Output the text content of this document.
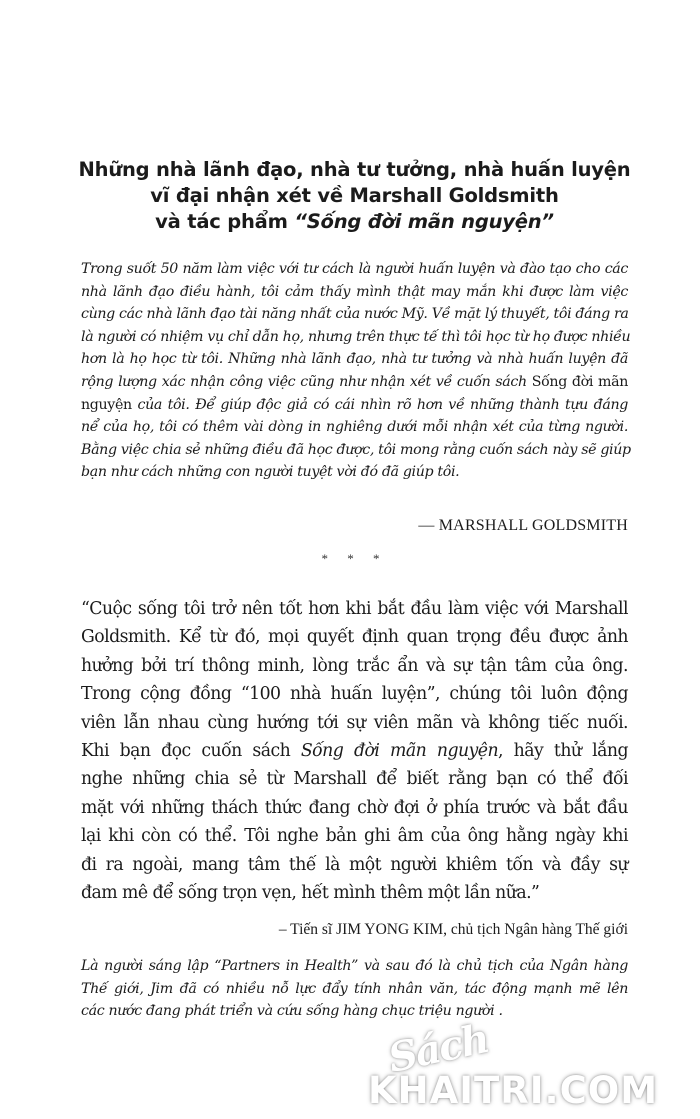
Những nhà lãnh đạo, nhà tư tưởng, nhà huấn luyện
vĩ đại nhận xét về Marshall Goldsmith
và tác phẩm “Sống đời mãn nguyện”
Trong suốt 50 năm làm việc với tư cách là người huấn luyện và đào tạo cho các
nhà lãnh đạo điều hành, tôi cảm thấy mình thật may mắn khi được làm việc
cùng các nhà lãnh đạo tài năng nhất của nước Mỹ. Về mặt lý thuyết, tôi đáng ra
là người có nhiệm vụ chỉ dẫn họ, nhưng trên thực tế thì tôi học từ họ được nhiều
hơn là họ học từ tôi. Những nhà lãnh đạo, nhà tư tưởng và nhà huấn luyện đã
rộng lượng xác nhận công việc cũng như nhận xét về cuốn sách Sống đời mãn
nguyện của tôi. Để giúp độc giả có cái nhìn rõ hơn về những thành tựu đáng
nể của họ, tôi có thêm vài dòng in nghiêng dưới mỗi nhận xét của từng người.
Bằng việc chia sẻ những điều đã học được, tôi mong rằng cuốn sách này sẽ giúp
bạn như cách những con người tuyệt vời đó đã giúp tôi.
— MARSHALL GOLDSMITH
* * *
“Cuộc sống tôi trở nên tốt hơn khi bắt đầu làm việc với Marshall
Goldsmith. Kể từ đó, mọi quyết định quan trọng đều được ảnh
hưởng bởi trí thông minh, lòng trắc ẩn và sự tận tâm của ông.
Trong cộng đồng “100 nhà huấn luyện”, chúng tôi luôn động
viên lẫn nhau cùng hướng tới sự viên mãn và không tiếc nuối.
Khi bạn đọc cuốn sách Sống đời mãn nguyện, hãy thử lắng
nghe những chia sẻ từ Marshall để biết rằng bạn có thể đối
mặt với những thách thức đang chờ đợi ở phía trước và bắt đầu
lại khi còn có thể. Tôi nghe bản ghi âm của ông hằng ngày khi
đi ra ngoài, mang tâm thế là một người khiêm tốn và đầy sự
đam mê để sống trọn vẹn, hết mình thêm một lần nữa.”
– Tiến sĩ JIM YONG KIM, chủ tịch Ngân hàng Thế giới
Là người sáng lập “Partners in Health” và sau đó là chủ tịch của Ngân hàng
Thế giới, Jim đã có nhiều nỗ lực đẩy tính nhân văn, tác động mạnh mẽ lên
các nước đang phát triển và cứu sống hàng chục triệu người .
Sách
KHAITRI.COM
